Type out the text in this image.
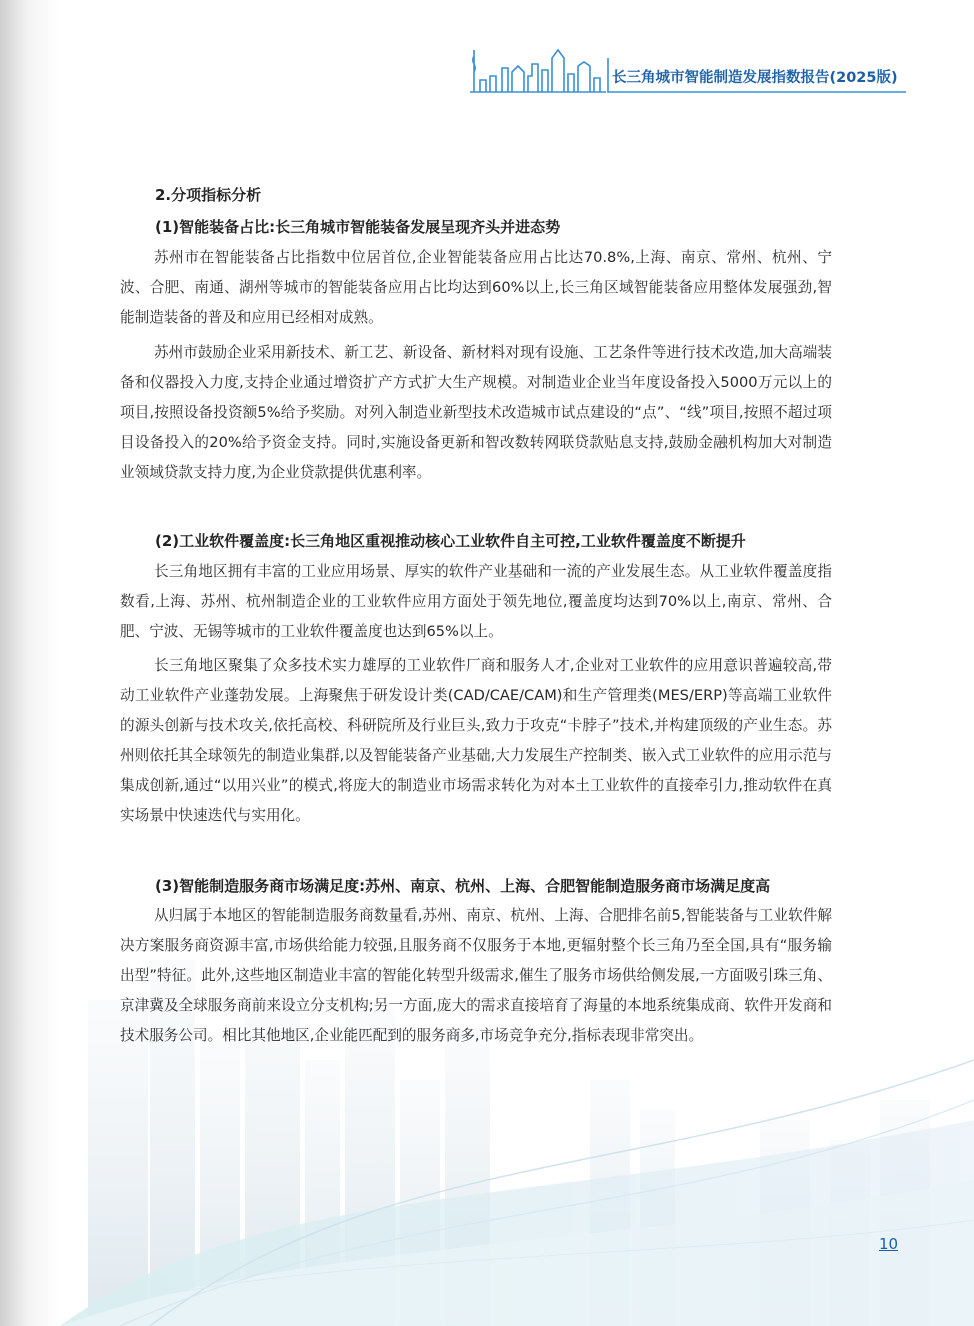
长三角城市智能制造发展指数报告(2025版)
2.分项指标分析
(1)智能装备占比:长三角城市智能装备发展呈现齐头并进态势

苏州市在智能装备占比指数中位居首位,企业智能装备应用占比达70.8%,上海、南京、常州、杭州、宁波、合肥、南通、湖州等城市的智能装备应用占比均达到60%以上,长三角区域智能装备应用整体发展强劲,智能制造装备的普及和应用已经相对成熟。

苏州市鼓励企业采用新技术、新工艺、新设备、新材料对现有设施、工艺条件等进行技术改造,加大高端装备和仪器投入力度,支持企业通过增资扩产方式扩大生产规模。对制造业企业当年度设备投入5000万元以上的项目,按照设备投资额5%给予奖励。对列入制造业新型技术改造城市试点建设的“点”、“线”项目,按照不超过项目设备投入的20%给予资金支持。同时,实施设备更新和智改数转网联贷款贴息支持,鼓励金融机构加大对制造业领域贷款支持力度,为企业贷款提供优惠利率。

(2)工业软件覆盖度:长三角地区重视推动核心工业软件自主可控,工业软件覆盖度不断提升

长三角地区拥有丰富的工业应用场景、厚实的软件产业基础和一流的产业发展生态。从工业软件覆盖度指数看,上海、苏州、杭州制造企业的工业软件应用方面处于领先地位,覆盖度均达到70%以上,南京、常州、合肥、宁波、无锡等城市的工业软件覆盖度也达到65%以上。

长三角地区聚集了众多技术实力雄厚的工业软件厂商和服务人才,企业对工业软件的应用意识普遍较高,带动工业软件产业蓬勃发展。上海聚焦于研发设计类(CAD/CAE/CAM)和生产管理类(MES/ERP)等高端工业软件的源头创新与技术攻关,依托高校、科研院所及行业巨头,致力于攻克“卡脖子”技术,并构建顶级的产业生态。苏州则依托其全球领先的制造业集群,以及智能装备产业基础,大力发展生产控制类、嵌入式工业软件的应用示范与集成创新,通过“以用兴业”的模式,将庞大的制造业市场需求转化为对本土工业软件的直接牵引力,推动软件在真实场景中快速迭代与实用化。

(3)智能制造服务商市场满足度:苏州、南京、杭州、上海、合肥智能制造服务商市场满足度高

从归属于本地区的智能制造服务商数量看,苏州、南京、杭州、上海、合肥排名前5,智能装备与工业软件解决方案服务商资源丰富,市场供给能力较强,且服务商不仅服务于本地,更辐射整个长三角乃至全国,具有“服务输出型”特征。此外,这些地区制造业丰富的智能化转型升级需求,催生了服务市场供给侧发展,一方面吸引珠三角、京津冀及全球服务商前来设立分支机构;另一方面,庞大的需求直接培育了海量的本地系统集成商、软件开发商和技术服务公司。相比其他地区,企业能匹配到的服务商多,市场竞争充分,指标表现非常突出。

10
